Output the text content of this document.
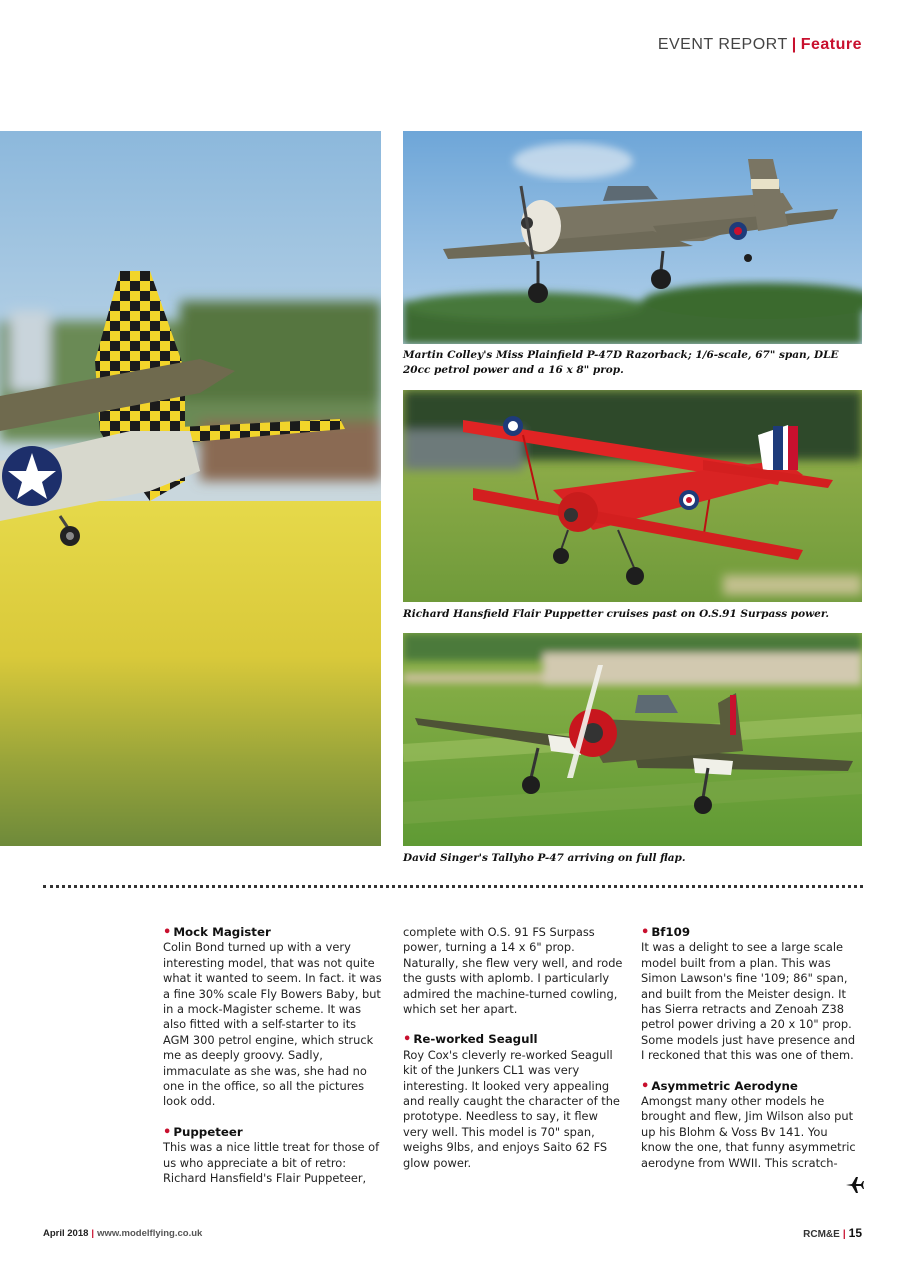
EVENT REPORT | Feature
Martin Colley's Miss Plainfield P-47D Razorback; 1/6-scale, 67" span, DLE 20cc petrol power and a 16 x 8" prop.
Richard Hansfield Flair Puppetter cruises past on O.S.91 Surpass power.
David Singer's Tallyho P-47 arriving on full flap.
• Mock Magister

Colin Bond turned up with a very interesting model, that was not quite what it wanted to seem. In fact. it was a fine 30% scale Fly Bowers Baby, but in a mock-Magister scheme. It was also fitted with a self-starter to its AGM 300 petrol engine, which struck me as deeply groovy. Sadly, immaculate as she was, she had no one in the office, so all the pictures look odd.

• Puppeteer

This was a nice little treat for those of us who appreciate a bit of retro: Richard Hansfield's Flair Puppeteer,

complete with O.S. 91 FS Surpass power, turning a 14 x 6" prop. Naturally, she flew very well, and rode the gusts with aplomb. I particularly admired the machine-turned cowling, which set her apart.

• Re-worked Seagull

Roy Cox's cleverly re-worked Seagull kit of the Junkers CL1 was very interesting. It looked very appealing and really caught the character of the prototype. Needless to say, it flew very well. This model is 70" span, weighs 9lbs, and enjoys Saito 62 FS glow power.

• Bf109

It was a delight to see a large scale model built from a plan. This was Simon Lawson's fine '109; 86" span, and built from the Meister design. It has Sierra retracts and Zenoah Z38 petrol power driving a 20 x 10" prop. Some models just have presence and I reckoned that this was one of them.

• Asymmetric Aerodyne

Amongst many other models he brought and flew, Jim Wilson also put up his Blohm & Voss Bv 141. You know the one, that funny asymmetric aerodyne from WWII. This scratch-

April 2018 | www.modelflying.co.uk	RCM&E | 15
